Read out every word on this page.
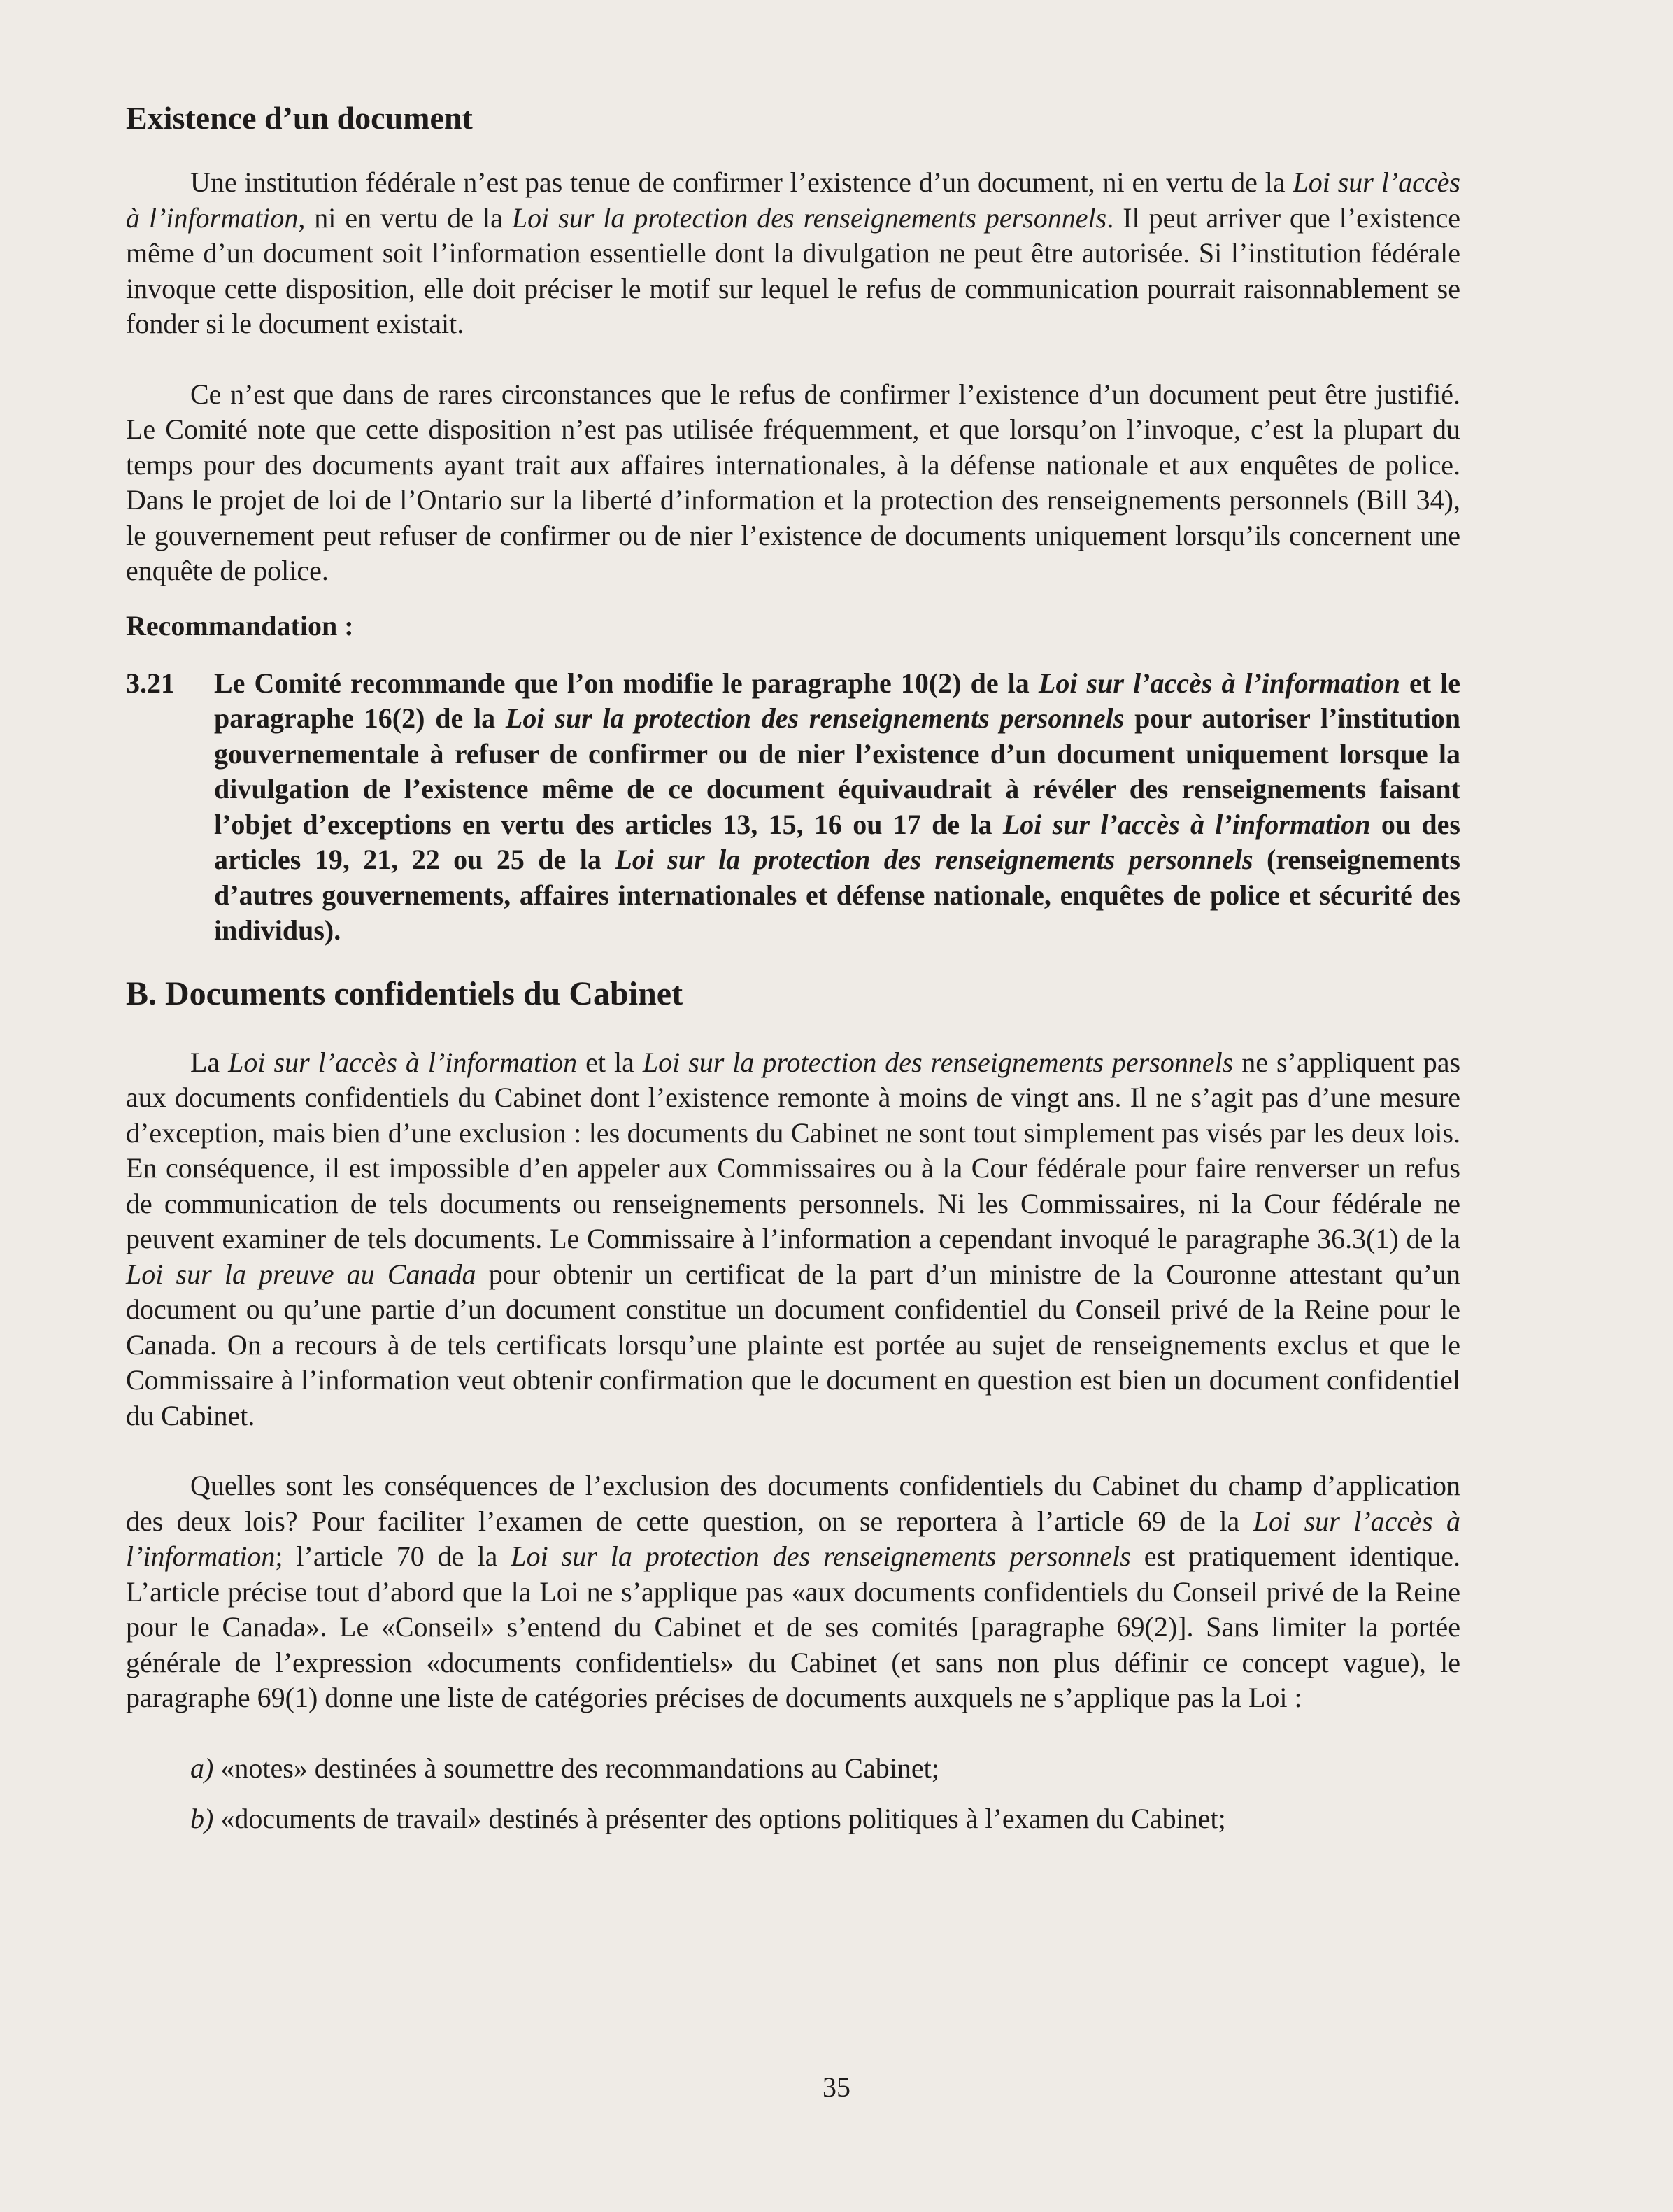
Existence d’un document

Une institution fédérale n’est pas tenue de confirmer l’existence d’un document, ni en vertu de la Loi sur l’accès à l’information, ni en vertu de la Loi sur la protection des renseignements personnels. Il peut arriver que l’existence même d’un document soit l’information essentielle dont la divulgation ne peut être autorisée. Si l’institution fédérale invoque cette disposition, elle doit préciser le motif sur lequel le refus de communication pourrait raisonnablement se fonder si le document existait.

Ce n’est que dans de rares circonstances que le refus de confirmer l’existence d’un document peut être justifié. Le Comité note que cette disposition n’est pas utilisée fréquemment, et que lorsqu’on l’invoque, c’est la plupart du temps pour des documents ayant trait aux affaires internationales, à la défense nationale et aux enquêtes de police. Dans le projet de loi de l’Ontario sur la liberté d’information et la protection des renseignements personnels (Bill 34), le gouvernement peut refuser de confirmer ou de nier l’existence de documents uniquement lorsqu’ils concernent une enquête de police.

Recommandation :
3.21 Le Comité recommande que l’on modifie le paragraphe 10(2) de la Loi sur l’accès à l’information et le paragraphe 16(2) de la Loi sur la protection des renseignements personnels pour autoriser l’institution gouvernementale à refuser de confirmer ou de nier l’existence d’un document uniquement lorsque la divulgation de l’existence même de ce document équivaudrait à révéler des renseignements faisant l’objet d’exceptions en vertu des articles 13, 15, 16 ou 17 de la Loi sur l’accès à l’information ou des articles 19, 21, 22 ou 25 de la Loi sur la protection des renseignements personnels (renseignements d’autres gouvernements, affaires internationales et défense nationale, enquêtes de police et sécurité des individus).
B. Documents confidentiels du Cabinet

La Loi sur l’accès à l’information et la Loi sur la protection des renseignements personnels ne s’appliquent pas aux documents confidentiels du Cabinet dont l’existence remonte à moins de vingt ans. Il ne s’agit pas d’une mesure d’exception, mais bien d’une exclusion : les documents du Cabinet ne sont tout simplement pas visés par les deux lois. En conséquence, il est impossible d’en appeler aux Commissaires ou à la Cour fédérale pour faire renverser un refus de communication de tels documents ou renseignements personnels. Ni les Commissaires, ni la Cour fédérale ne peuvent examiner de tels documents. Le Commissaire à l’information a cependant invoqué le paragraphe 36.3(1) de la Loi sur la preuve au Canada pour obtenir un certificat de la part d’un ministre de la Couronne attestant qu’un document ou qu’une partie d’un document constitue un document confidentiel du Conseil privé de la Reine pour le Canada. On a recours à de tels certificats lorsqu’une plainte est portée au sujet de renseignements exclus et que le Commissaire à l’information veut obtenir confirmation que le document en question est bien un document confidentiel du Cabinet.

Quelles sont les conséquences de l’exclusion des documents confidentiels du Cabinet du champ d’application des deux lois? Pour faciliter l’examen de cette question, on se reportera à l’article 69 de la Loi sur l’accès à l’information; l’article 70 de la Loi sur la protection des renseignements personnels est pratiquement identique. L’article précise tout d’abord que la Loi ne s’applique pas «aux documents confidentiels du Conseil privé de la Reine pour le Canada». Le «Conseil» s’entend du Cabinet et de ses comités [paragraphe 69(2)]. Sans limiter la portée générale de l’expression «documents confidentiels» du Cabinet (et sans non plus définir ce concept vague), le paragraphe 69(1) donne une liste de catégories précises de documents auxquels ne s’applique pas la Loi :

a) «notes» destinées à soumettre des recommandations au Cabinet;
b) «documents de travail» destinés à présenter des options politiques à l’examen du Cabinet;
35
